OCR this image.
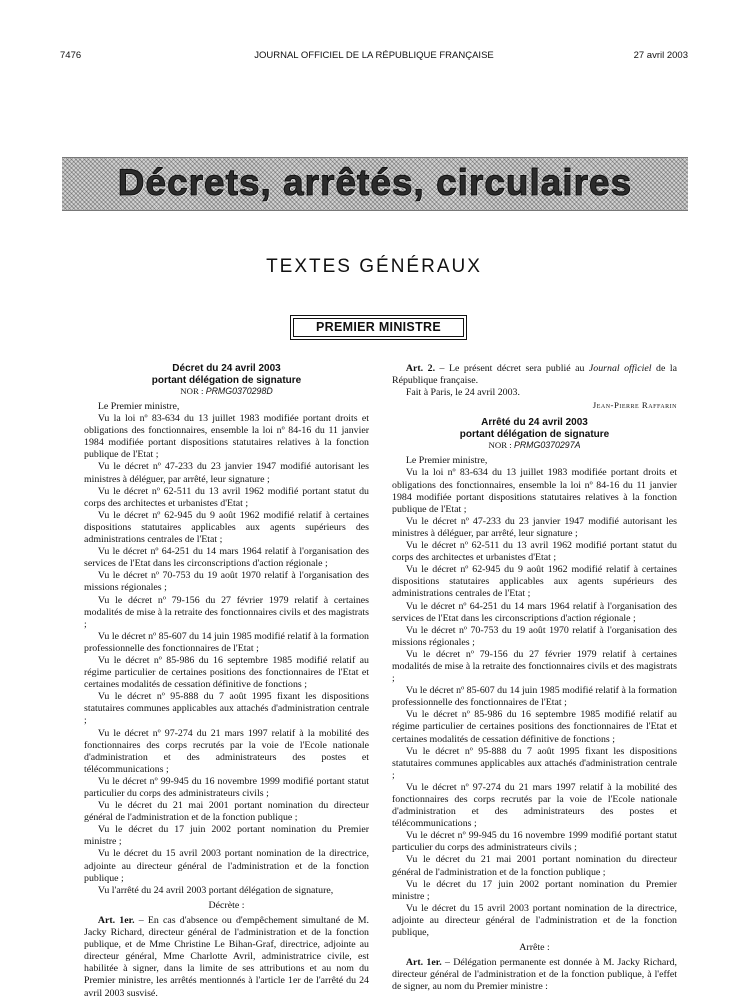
7476	JOURNAL OFFICIEL DE LA RÉPUBLIQUE FRANÇAISE	27 avril 2003
Décrets, arrêtés, circulaires
TEXTES GÉNÉRAUX
PREMIER MINISTRE
Décret du 24 avril 2003
portant délégation de signature
NOR : PRMG0370298D

Le Premier ministre,

Vu la loi nº 83-634 du 13 juillet 1983 modifiée portant droits et obligations des fonctionnaires, ensemble la loi nº 84-16 du 11 janvier 1984 modifiée portant dispositions statutaires relatives à la fonction publique de l'Etat ;

Vu le décret nº 47-233 du 23 janvier 1947 modifié autorisant les ministres à déléguer, par arrêté, leur signature ;

Vu le décret nº 62-511 du 13 avril 1962 modifié portant statut du corps des architectes et urbanistes d'Etat ;

Vu le décret nº 62-945 du 9 août 1962 modifié relatif à certaines dispositions statutaires applicables aux agents supérieurs des administrations centrales de l'Etat ;

Vu le décret nº 64-251 du 14 mars 1964 relatif à l'organisation des services de l'Etat dans les circonscriptions d'action régionale ;

Vu le décret nº 70-753 du 19 août 1970 relatif à l'organisation des missions régionales ;

Vu le décret nº 79-156 du 27 février 1979 relatif à certaines modalités de mise à la retraite des fonctionnaires civils et des magistrats ;

Vu le décret nº 85-607 du 14 juin 1985 modifié relatif à la formation professionnelle des fonctionnaires de l'Etat ;

Vu le décret nº 85-986 du 16 septembre 1985 modifié relatif au régime particulier de certaines positions des fonctionnaires de l'Etat et certaines modalités de cessation définitive de fonctions ;

Vu le décret nº 95-888 du 7 août 1995 fixant les dispositions statutaires communes applicables aux attachés d'administration centrale ;

Vu le décret nº 97-274 du 21 mars 1997 relatif à la mobilité des fonctionnaires des corps recrutés par la voie de l'Ecole nationale d'administration et des administrateurs des postes et télécommunications ;

Vu le décret nº 99-945 du 16 novembre 1999 modifié portant statut particulier du corps des administrateurs civils ;

Vu le décret du 21 mai 2001 portant nomination du directeur général de l'administration et de la fonction publique ;

Vu le décret du 17 juin 2002 portant nomination du Premier ministre ;

Vu le décret du 15 avril 2003 portant nomination de la directrice, adjointe au directeur général de l'administration et de la fonction publique ;

Vu l'arrêté du 24 avril 2003 portant délégation de signature,

Décrète :

Art. 1er. – En cas d'absence ou d'empêchement simultané de M. Jacky Richard, directeur général de l'administration et de la fonction publique, et de Mme Christine Le Bihan-Graf, directrice, adjointe au directeur général, Mme Charlotte Avril, administratrice civile, est habilitée à signer, dans la limite de ses attributions et au nom du Premier ministre, les arrêtés mentionnés à l'article 1er de l'arrêté du 24 avril 2003 susvisé.

Art. 2. – Le présent décret sera publié au Journal officiel de la République française.

Fait à Paris, le 24 avril 2003.

Jean-Pierre Raffarin
Arrêté du 24 avril 2003
portant délégation de signature
NOR : PRMG0370297A

Le Premier ministre,

Vu la loi nº 83-634 du 13 juillet 1983 modifiée portant droits et obligations des fonctionnaires, ensemble la loi nº 84-16 du 11 janvier 1984 modifiée portant dispositions statutaires relatives à la fonction publique de l'Etat ;

Vu le décret nº 47-233 du 23 janvier 1947 modifié autorisant les ministres à déléguer, par arrêté, leur signature ;

Vu le décret nº 62-511 du 13 avril 1962 modifié portant statut du corps des architectes et urbanistes d'Etat ;

Vu le décret nº 62-945 du 9 août 1962 modifié relatif à certaines dispositions statutaires applicables aux agents supérieurs des administrations centrales de l'Etat ;

Vu le décret nº 64-251 du 14 mars 1964 relatif à l'organisation des services de l'Etat dans les circonscriptions d'action régionale ;

Vu le décret nº 70-753 du 19 août 1970 relatif à l'organisation des missions régionales ;

Vu le décret nº 79-156 du 27 février 1979 relatif à certaines modalités de mise à la retraite des fonctionnaires civils et des magistrats ;

Vu le décret nº 85-607 du 14 juin 1985 modifié relatif à la formation professionnelle des fonctionnaires de l'Etat ;

Vu le décret nº 85-986 du 16 septembre 1985 modifié relatif au régime particulier de certaines positions des fonctionnaires de l'Etat et certaines modalités de cessation définitive de fonctions ;

Vu le décret nº 95-888 du 7 août 1995 fixant les dispositions statutaires communes applicables aux attachés d'administration centrale ;

Vu le décret nº 97-274 du 21 mars 1997 relatif à la mobilité des fonctionnaires des corps recrutés par la voie de l'Ecole nationale d'administration et des administrateurs des postes et télécommunications ;

Vu le décret nº 99-945 du 16 novembre 1999 modifié portant statut particulier du corps des administrateurs civils ;

Vu le décret du 21 mai 2001 portant nomination du directeur général de l'administration et de la fonction publique ;

Vu le décret du 17 juin 2002 portant nomination du Premier ministre ;

Vu le décret du 15 avril 2003 portant nomination de la directrice, adjointe au directeur général de l'administration et de la fonction publique,

Arrête :

Art. 1er. – Délégation permanente est donnée à M. Jacky Richard, directeur général de l'administration et de la fonction publique, à l'effet de signer, au nom du Premier ministre :
